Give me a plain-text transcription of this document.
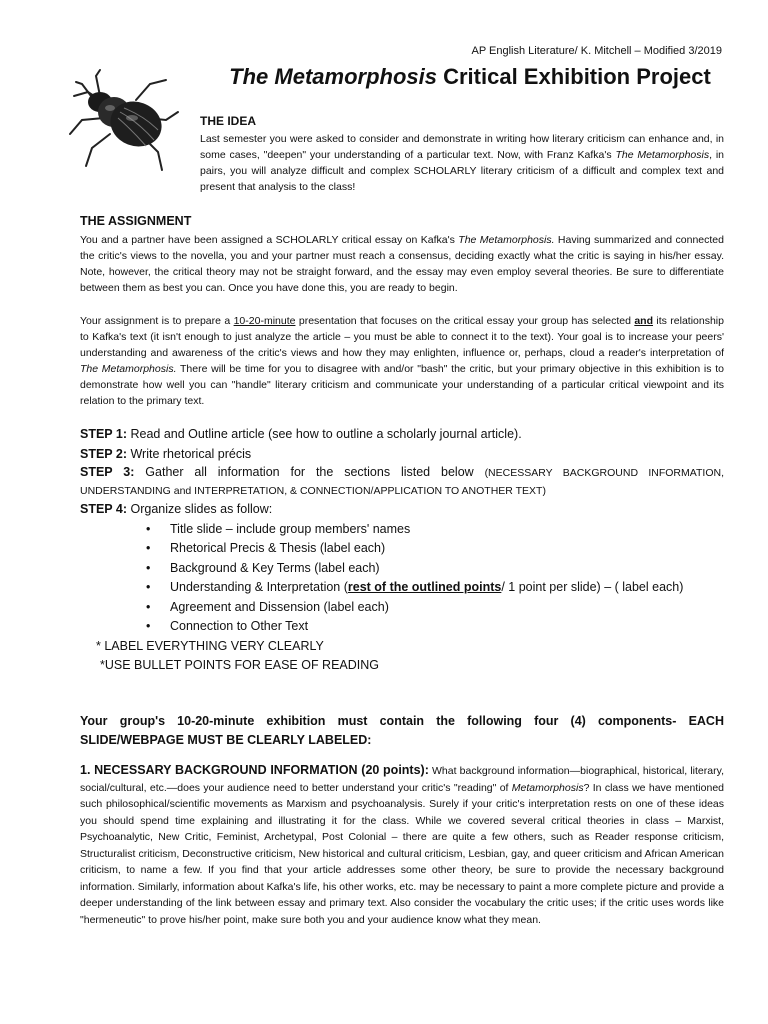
AP English Literature/ K. Mitchell – Modified 3/2019
The Metamorphosis Critical Exhibition Project
THE IDEA
Last semester you were asked to consider and demonstrate in writing how literary criticism can enhance and, in some cases, "deepen" your understanding of a particular text. Now, with Franz Kafka's The Metamorphosis, in pairs, you will analyze difficult and complex SCHOLARLY literary criticism of a difficult and complex text and present that analysis to the class!
THE ASSIGNMENT
You and a partner have been assigned a SCHOLARLY critical essay on Kafka's The Metamorphosis. Having summarized and connected the critic's views to the novella, you and your partner must reach a consensus, deciding exactly what the critic is saying in his/her essay. Note, however, the critical theory may not be straight forward, and the essay may even employ several theories. Be sure to differentiate between them as best you can. Once you have done this, you are ready to begin.
Your assignment is to prepare a 10-20-minute presentation that focuses on the critical essay your group has selected and its relationship to Kafka's text (it isn't enough to just analyze the article – you must be able to connect it to the text). Your goal is to increase your peers' understanding and awareness of the critic's views and how they may enlighten, influence or, perhaps, cloud a reader's interpretation of The Metamorphosis. There will be time for you to disagree with and/or "bash" the critic, but your primary objective in this exhibition is to demonstrate how well you can "handle" literary criticism and communicate your understanding of a particular critical viewpoint and its relation to the primary text.
STEP 1: Read and Outline article (see how to outline a scholarly journal article).
STEP 2: Write rhetorical précis
STEP 3: Gather all information for the sections listed below (NECESSARY BACKGROUND INFORMATION, UNDERSTANDING and INTERPRETATION, & CONNECTION/APPLICATION TO ANOTHER TEXT)
STEP 4: Organize slides as follow:
• Title slide – include group members' names
• Rhetorical Precis & Thesis (label each)
• Background & Key Terms (label each)
• Understanding & Interpretation (rest of the outlined points/ 1 point per slide) – ( label each)
• Agreement and Dissension (label each)
• Connection to Other Text
* LABEL EVERYTHING VERY CLEARLY
*USE BULLET POINTS FOR EASE OF READING
Your group's 10-20-minute exhibition must contain the following four (4) components- EACH SLIDE/WEBPAGE MUST BE CLEARLY LABELED:
1. NECESSARY BACKGROUND INFORMATION (20 points): What background information—biographical, historical, literary, social/cultural, etc.—does your audience need to better understand your critic's "reading" of Metamorphosis? In class we have mentioned such philosophical/scientific movements as Marxism and psychoanalysis. Surely if your critic's interpretation rests on one of these ideas you should spend time explaining and illustrating it for the class. While we covered several critical theories in class – Marxist, Psychoanalytic, New Critic, Feminist, Archetypal, Post Colonial – there are quite a few others, such as Reader response criticism, Structuralist criticism, Deconstructive criticism, New historical and cultural criticism, Lesbian, gay, and queer criticism and African American criticism, to name a few. If you find that your article addresses some other theory, be sure to provide the necessary background information. Similarly, information about Kafka's life, his other works, etc. may be necessary to paint a more complete picture and provide a deeper understanding of the link between essay and primary text. Also consider the vocabulary the critic uses; if the critic uses words like "hermeneutic" to prove his/her point, make sure both you and your audience know what they mean.
